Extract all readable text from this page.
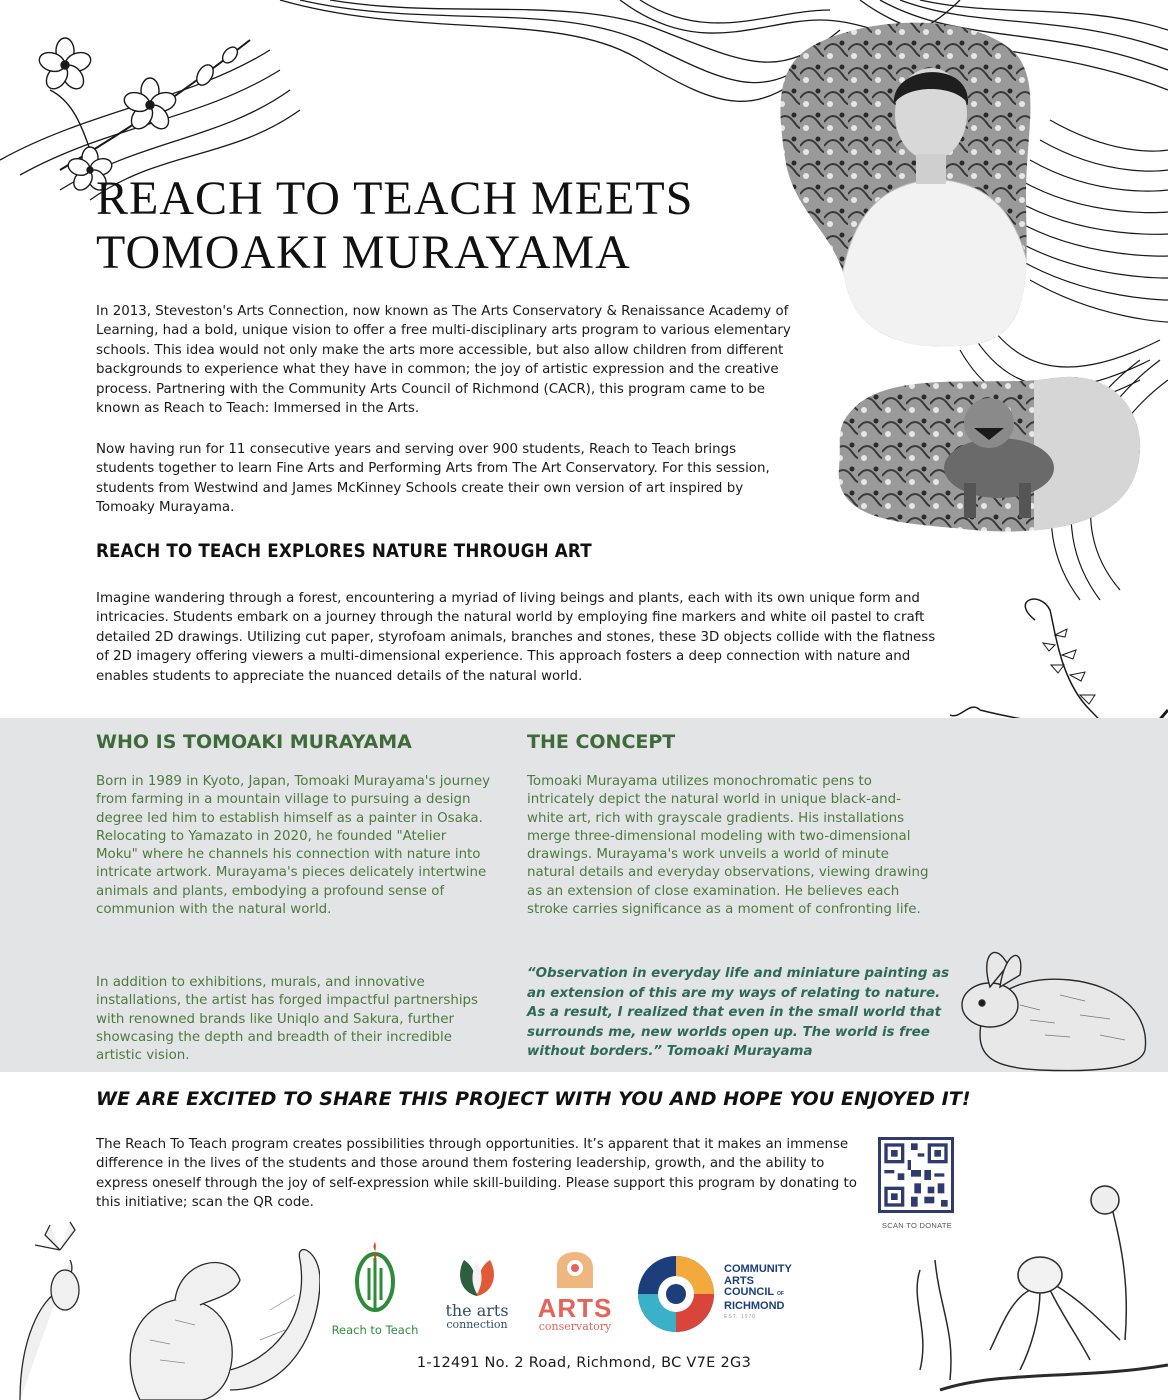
REACH TO TEACH MEETS
TOMOAKI MURAYAMA

In 2013, Steveston's Arts Connection, now known as The Arts Conservatory & Renaissance Academy of Learning, had a bold, unique vision to offer a free multi-disciplinary arts program to various elementary schools. This idea would not only make the arts more accessible, but also allow children from different backgrounds to experience what they have in common; the joy of artistic expression and the creative process. Partnering with the Community Arts Council of Richmond (CACR), this program came to be known as Reach to Teach: Immersed in the Arts.

Now having run for 11 consecutive years and serving over 900 students, Reach to Teach brings students together to learn Fine Arts and Performing Arts from The Art Conservatory. For this session, students from Westwind and James McKinney Schools create their own version of art inspired by Tomoaky Murayama.

REACH TO TEACH EXPLORES NATURE THROUGH ART

Imagine wandering through a forest, encountering a myriad of living beings and plants, each with its own unique form and intricacies. Students embark on a journey through the natural world by employing fine markers and white oil pastel to craft detailed 2D drawings. Utilizing cut paper, styrofoam animals, branches and stones, these 3D objects collide with the flatness of 2D imagery offering viewers a multi-dimensional experience. This approach fosters a deep connection with nature and enables students to appreciate the nuanced details of the natural world.

WHO IS TOMOAKI MURAYAMA	THE CONCEPT

Born in 1989 in Kyoto, Japan, Tomoaki Murayama's journey from farming in a mountain village to pursuing a design degree led him to establish himself as a painter in Osaka. Relocating to Yamazato in 2020, he founded "Atelier Moku" where he channels his connection with nature into intricate artwork. Murayama's pieces delicately intertwine animals and plants, embodying a profound sense of communion with the natural world.

In addition to exhibitions, murals, and innovative installations, the artist has forged impactful partnerships with renowned brands like Uniqlo and Sakura, further showcasing the depth and breadth of their incredible artistic vision.

Tomoaki Murayama utilizes monochromatic pens to intricately depict the natural world in unique black-and-white art, rich with grayscale gradients. His installations merge three-dimensional modeling with two-dimensional drawings. Murayama's work unveils a world of minute natural details and everyday observations, viewing drawing as an extension of close examination. He believes each stroke carries significance as a moment of confronting life.

“Observation in everyday life and miniature painting as an extension of this are my ways of relating to nature. As a result, I realized that even in the small world that surrounds me, new worlds open up. The world is free without borders.” Tomoaki Murayama

WE ARE EXCITED TO SHARE THIS PROJECT WITH YOU AND HOPE YOU ENJOYED IT!

The Reach To Teach program creates possibilities through opportunities. It’s apparent that it makes an immense difference in the lives of the students and those around them fostering leadership, growth, and the ability to express oneself through the joy of self-expression while skill-building. Please support this program by donating to this initiative; scan the QR code.

SCAN TO DONATE
Reach to Teach
the arts
connection
ARTS
conservatory
COMMUNITY
ARTS
COUNCIL OF
RICHMOND
EST. 1970
1-12491 No. 2 Road, Richmond, BC V7E 2G3
